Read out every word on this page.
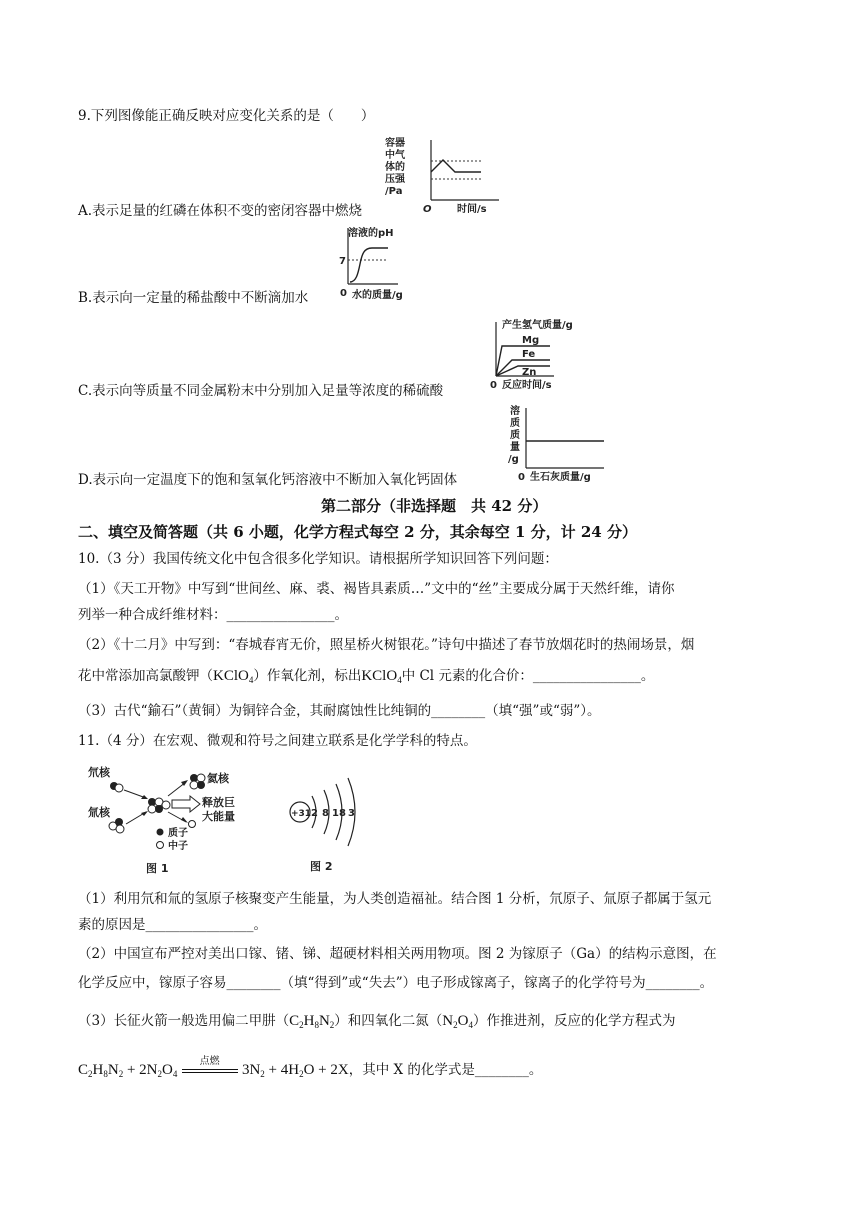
9.下列图像能正确反映对应变化关系的是（　　）
容器
中气
体的
压强
/Pa
O	时间/s
A.表示足量的红磷在体积不变的密闭容器中燃烧
溶液的pH
7
0 水的质量/g
B.表示向一定量的稀盐酸中不断滴加水
产生氢气质量/g
Mg
Fe
Zn
0 反应时间/s
C.表示向等质量不同金属粉末中分别加入足量等浓度的稀硫酸
溶
质
质
量
/g
0 生石灰质量/g
D.表示向一定温度下的饱和氢氧化钙溶液中不断加入氧化钙固体
第二部分（非选择题　共 42 分）
二、填空及简答题（共 6 小题，化学方程式每空 2 分，其余每空 1 分，计 24 分）
10.（3 分）我国传统文化中包含很多化学知识。请根据所学知识回答下列问题：
（1）《天工开物》中写到“世间丝、麻、裘、褐皆具素质…”文中的“丝”主要成分属于天然纤维，请你
列举一种合成纤维材料：________________。
（2）《十二月》中写到：“春城春宵无价，照星桥火树银花。”诗句中描述了春节放烟花时的热闹场景，烟
花中常添加高氯酸钾（KClO$_4$）作氧化剂，标出KClO$_4$中 Cl 元素的化合价：________________。
（3）古代“鍮石”（黄铜）为铜锌合金，其耐腐蚀性比纯铜的________（填“强”或“弱”）。
11.（4 分）在宏观、微观和符号之间建立联系是化学学科的特点。
氘核
氚核
氦核
释放巨
大能量
质子
中子
图 1
+31 2 8 18 3
图 2
（1）利用氘和氚的氢原子核聚变产生能量，为人类创造福祉。结合图 1 分析，氘原子、氚原子都属于氢元
素的原因是________________。
（2）中国宣布严控对美出口镓、锗、锑、超硬材料相关两用物项。图 2 为镓原子（Ga）的结构示意图，在
化学反应中，镓原子容易________（填“得到”或“失去”）电子形成镓离子，镓离子的化学符号为________。
（3）长征火箭一般选用偏二甲肼$(C_2H_8N_2)$和四氧化二氮$(N_2O_4)$作推进剂，反应的化学方程式为
$C_2H_8N_2 + 2N_2O_4$
点燃
$3N_2 + 4H_2O + 2X$，其中 X 的化学式是________。
